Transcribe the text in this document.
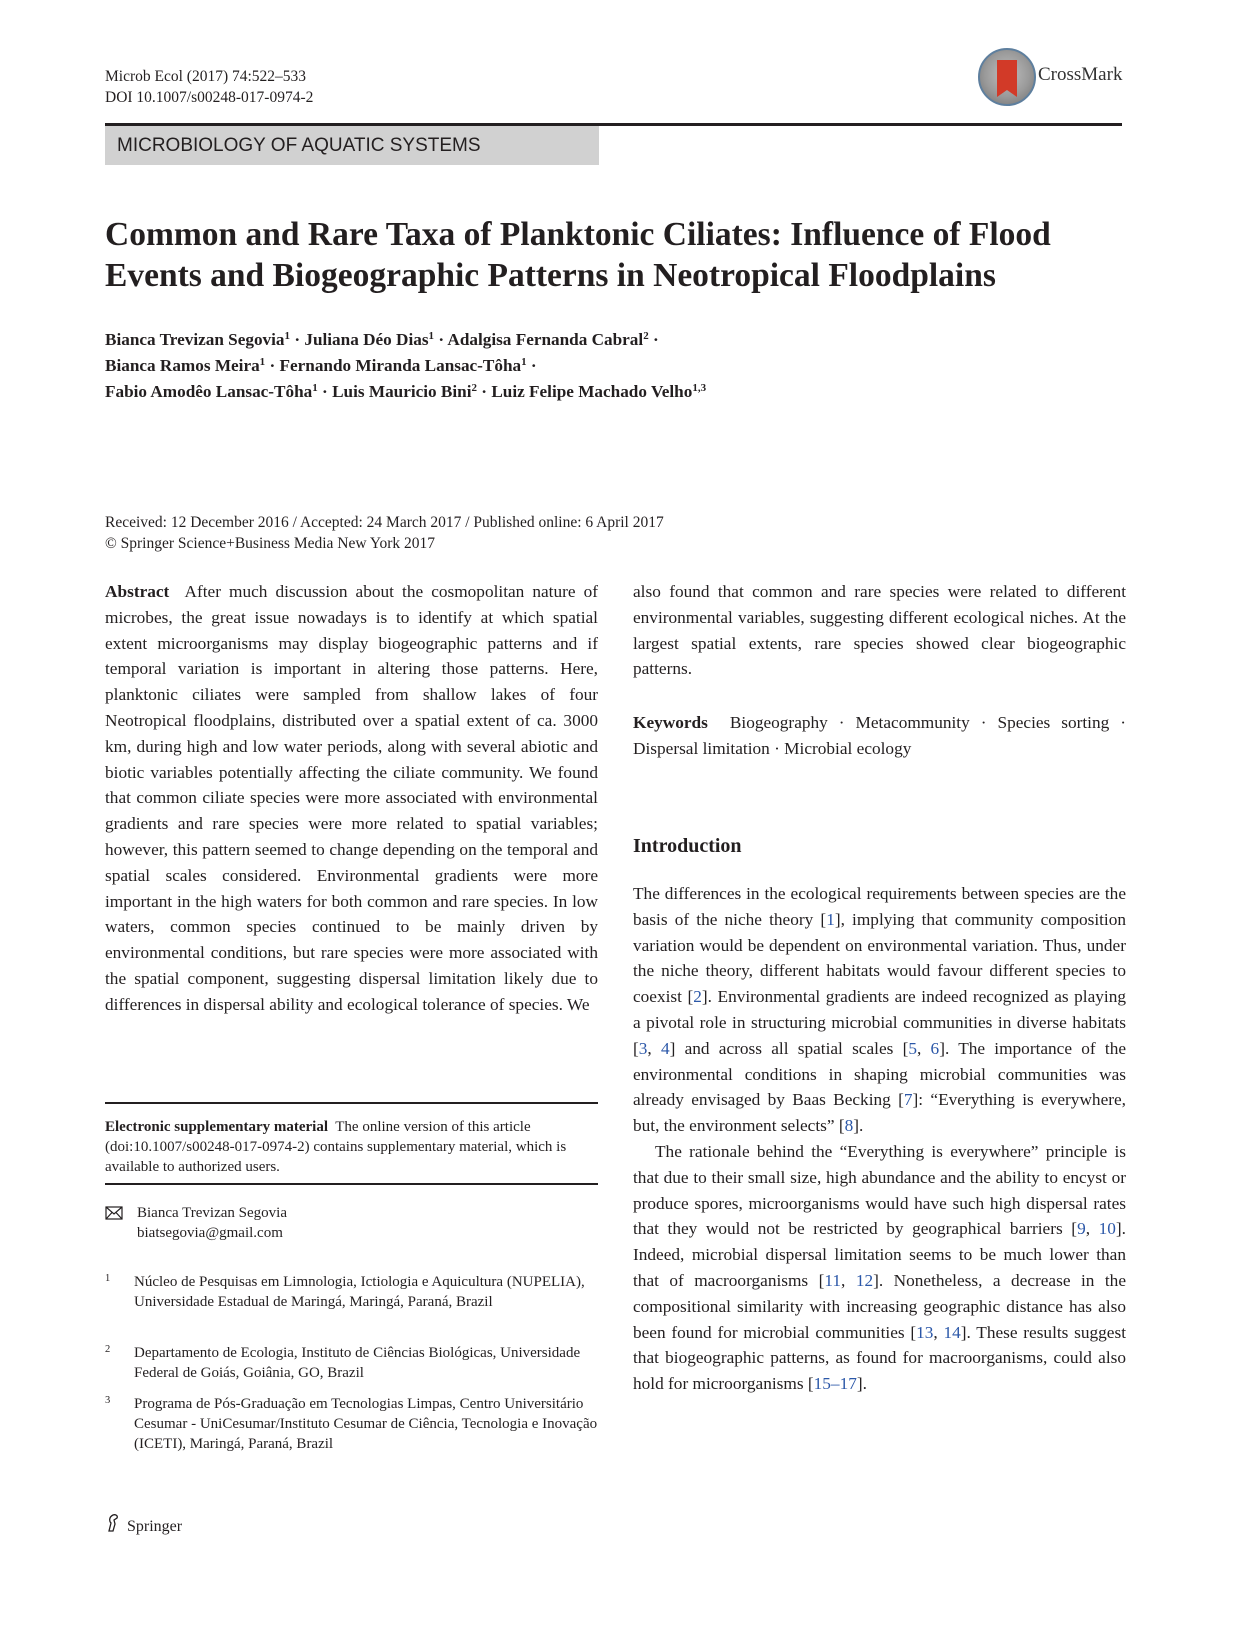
Microb Ecol (2017) 74:522–533
DOI 10.1007/s00248-017-0974-2
CrossMark
MICROBIOLOGY OF AQUATIC SYSTEMS
Common and Rare Taxa of Planktonic Ciliates: Influence of Flood
Events and Biogeographic Patterns in Neotropical Floodplains
Bianca Trevizan Segovia$^1$ · Juliana Déo Dias$^1$ · Adalgisa Fernanda Cabral$^2$ ·
Bianca Ramos Meira$^1$ · Fernando Miranda Lansac-Tôha$^1$ ·
Fabio Amodêo Lansac-Tôha$^1$ · Luis Mauricio Bini$^2$ · Luiz Felipe Machado Velho$^{1,3}$
Received: 12 December 2016 / Accepted: 24 March 2017 / Published online: 6 April 2017
© Springer Science+Business Media New York 2017

Abstract After much discussion about the cosmopolitan nature of microbes, the great issue nowadays is to identify at which spatial extent microorganisms may display biogeographic patterns and if temporal variation is important in altering those patterns. Here, planktonic ciliates were sampled from shallow lakes of four Neotropical floodplains, distributed over a spatial extent of ca. 3000 km, during high and low water periods, along with several abiotic and biotic variables potentially affecting the ciliate community. We found that common ciliate species were more associated with environmental gradients and rare species were more related to spatial variables; however, this pattern seemed to change depending on the temporal and spatial scales considered. Environmental gradients were more important in the high waters for both common and rare species. In low waters, common species continued to be mainly driven by environmental conditions, but rare species were more associated with the spatial component, suggesting dispersal limitation likely due to differences in dispersal ability and ecological tolerance of species. We

Electronic supplementary material The online version of this article (doi:10.1007/s00248-017-0974-2) contains supplementary material, which is available to authorized users.
Bianca Trevizan Segovia
biatsegovia@gmail.com
1 Núcleo de Pesquisas em Limnologia, Ictiologia e Aquicultura (NUPELIA), Universidade Estadual de Maringá, Maringá, Paraná, Brazil
2 Departamento de Ecologia, Instituto de Ciências Biológicas, Universidade Federal de Goiás, Goiânia, GO, Brazil
3 Programa de Pós-Graduação em Tecnologias Limpas, Centro Universitário Cesumar - UniCesumar/Instituto Cesumar de Ciência, Tecnologia e Inovação (ICETI), Maringá, Paraná, Brazil

also found that common and rare species were related to different environmental variables, suggesting different ecological niches. At the largest spatial extents, rare species showed clear biogeographic patterns.

Keywords Biogeography · Metacommunity · Species sorting · Dispersal limitation · Microbial ecology

Introduction

The differences in the ecological requirements between species are the basis of the niche theory [1], implying that community composition variation would be dependent on environmental variation. Thus, under the niche theory, different habitats would favour different species to coexist [2]. Environmental gradients are indeed recognized as playing a pivotal role in structuring microbial communities in diverse habitats [3, 4] and across all spatial scales [5, 6]. The importance of the environmental conditions in shaping microbial communities was already envisaged by Baas Becking [7]: “Everything is everywhere, but, the environment selects” [8].

The rationale behind the “Everything is everywhere” principle is that due to their small size, high abundance and the ability to encyst or produce spores, microorganisms would have such high dispersal rates that they would not be restricted by geographical barriers [9, 10]. Indeed, microbial dispersal limitation seems to be much lower than that of macroorganisms [11, 12]. Nonetheless, a decrease in the compositional similarity with increasing geographic distance has also been found for microbial communities [13, 14]. These results suggest that biogeographic patterns, as found for macroorganisms, could also hold for microorganisms [15–17].

Springer
